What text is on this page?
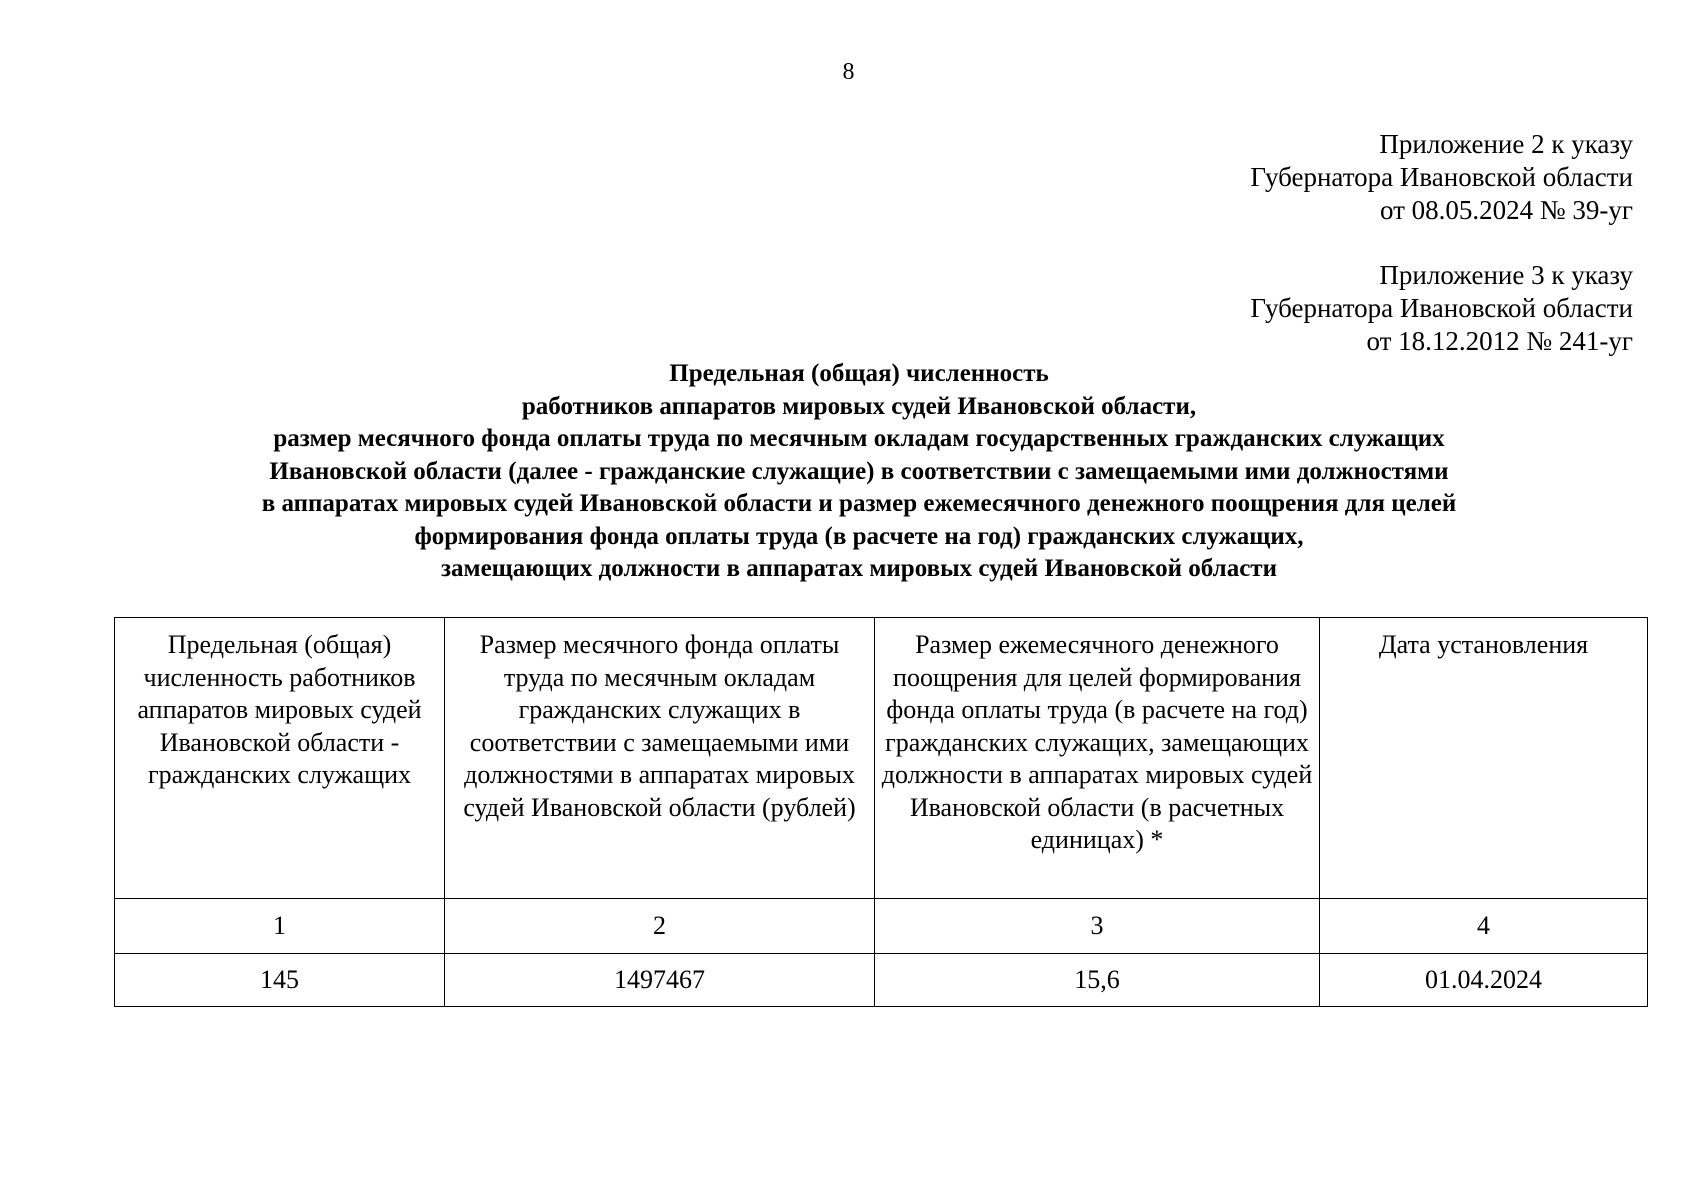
8
Приложение 2 к указу
Губернатора Ивановской области
от 08.05.2024 № 39-уг
Приложение 3 к указу
Губернатора Ивановской области
от 18.12.2012 № 241-уг
Предельная (общая) численность
работников аппаратов мировых судей Ивановской области,
размер месячного фонда оплаты труда по месячным окладам государственных гражданских служащих
Ивановской области (далее - гражданские служащие) в соответствии с замещаемыми ими должностями
в аппаратах мировых судей Ивановской области и размер ежемесячного денежного поощрения для целей
формирования фонда оплаты труда (в расчете на год) гражданских служащих,
замещающих должности в аппаратах мировых судей Ивановской области
Предельная (общая) численность работников аппаратов мировых судей Ивановской области - гражданских служащих	Размер месячного фонда оплаты труда по месячным окладам гражданских служащих в соответствии с замещаемыми ими должностями в аппаратах мировых судей Ивановской области (рублей)	Размер ежемесячного денежного поощрения для целей формирования фонда оплаты труда (в расчете на год) гражданских служащих, замещающих должности в аппаратах мировых судей Ивановской области (в расчетных единицах) *	Дата установления
1	2	3	4
145	1497467	15,6	01.04.2024
